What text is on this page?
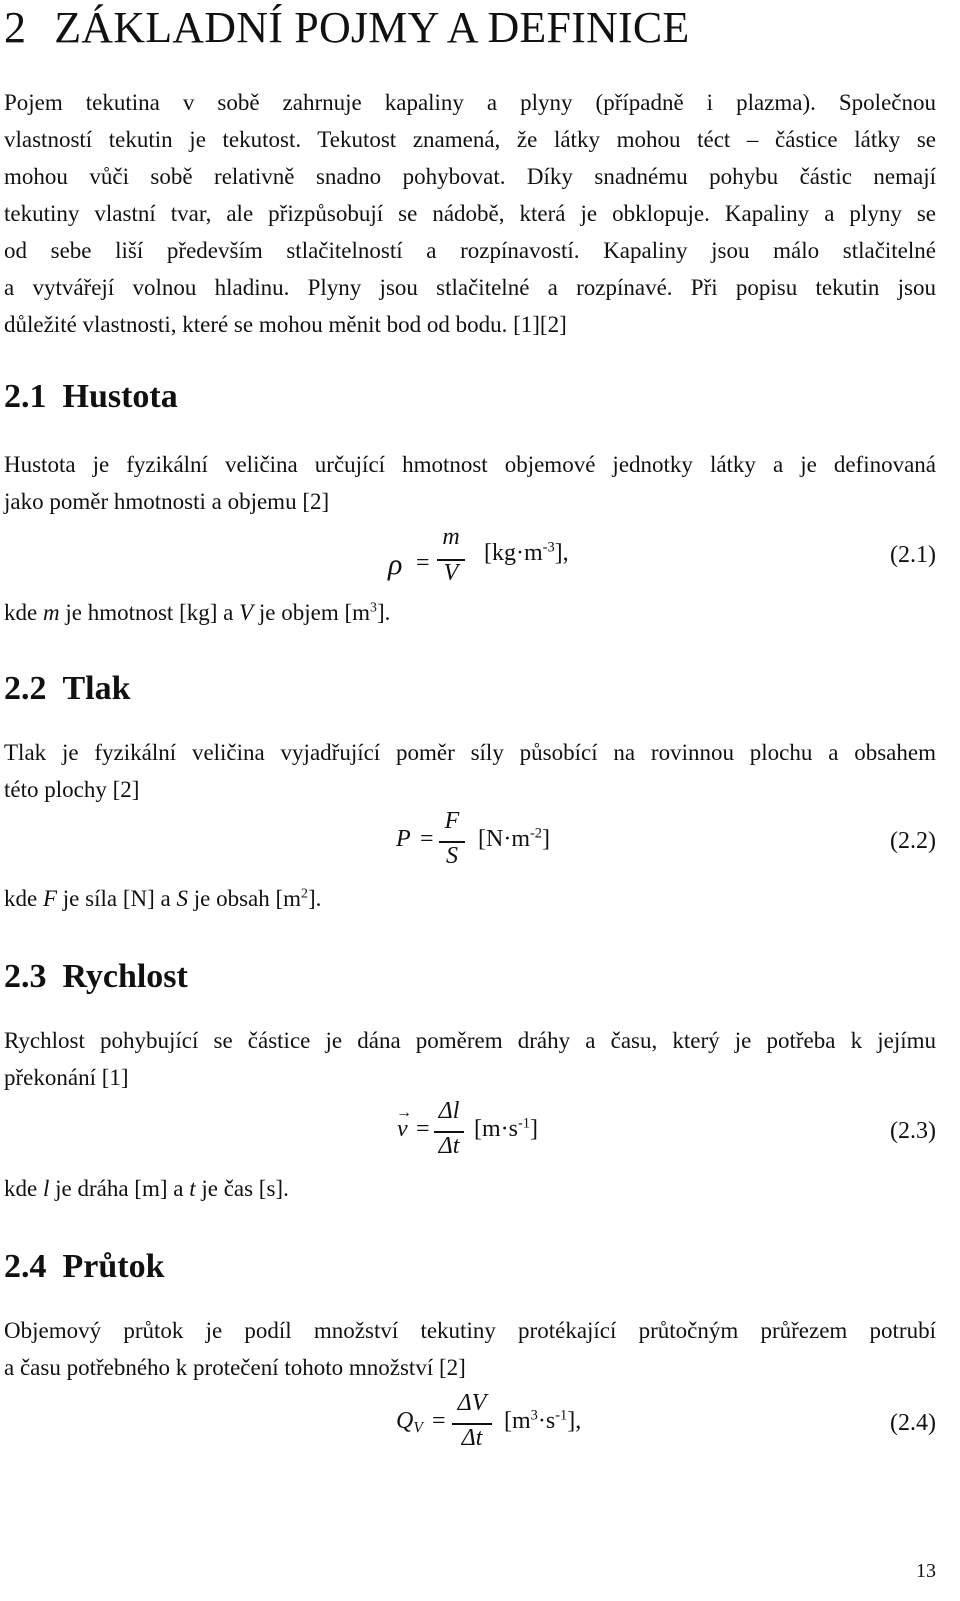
2 ZÁKLADNÍ POJMY A DEFINICE
Pojem tekutina v sobě zahrnuje kapaliny a plyny (případně i plazma). Společnou
vlastností tekutin je tekutost. Tekutost znamená, že látky mohou téct – částice látky se
mohou vůči sobě relativně snadno pohybovat. Díky snadnému pohybu částic nemají
tekutiny vlastní tvar, ale přizpůsobují se nádobě, která je obklopuje. Kapaliny a plyny se
od sebe liší především stlačitelností a rozpínavostí. Kapaliny jsou málo stlačitelné
a vytvářejí volnou hladinu. Plyny jsou stlačitelné a rozpínavé. Při popisu tekutin jsou
důležité vlastnosti, které se mohou měnit bod od bodu. [1][2]
2.1 Hustota
Hustota je fyzikální veličina určující hmotnost objemové jednotky látky a je definovaná
jako poměr hmotnosti a objemu [2]
ρ =
m
V
$[kg\cdot m^{-3}]$,	(2.1)
kde m je hmotnost [kg] a V je objem $[m^3]$.
2.2 Tlak
Tlak je fyzikální veličina vyjadřující poměr síly působící na rovinnou plochu a obsahem
této plochy [2]
P =
F
S
$[N\cdot m^{-2}]$	(2.2)
kde F je síla [N] a S je obsah $[m^2]$.
2.3 Rychlost
Rychlost pohybující se částice je dána poměrem dráhy a času, který je potřeba k jejímu
překonání [1]
→
v =
Δl
Δt
$[m\cdot s^{-1}]$	(2.3)
kde l je dráha [m] a t je čas [s].
2.4 Průtok
Objemový průtok je podíl množství tekutiny protékající průtočným průřezem potrubí
a času potřebného k protečení tohoto množství [2]
$Q_V$ =
ΔV
Δt
$[m^3\cdot s^{-1}]$,	(2.4)
13
